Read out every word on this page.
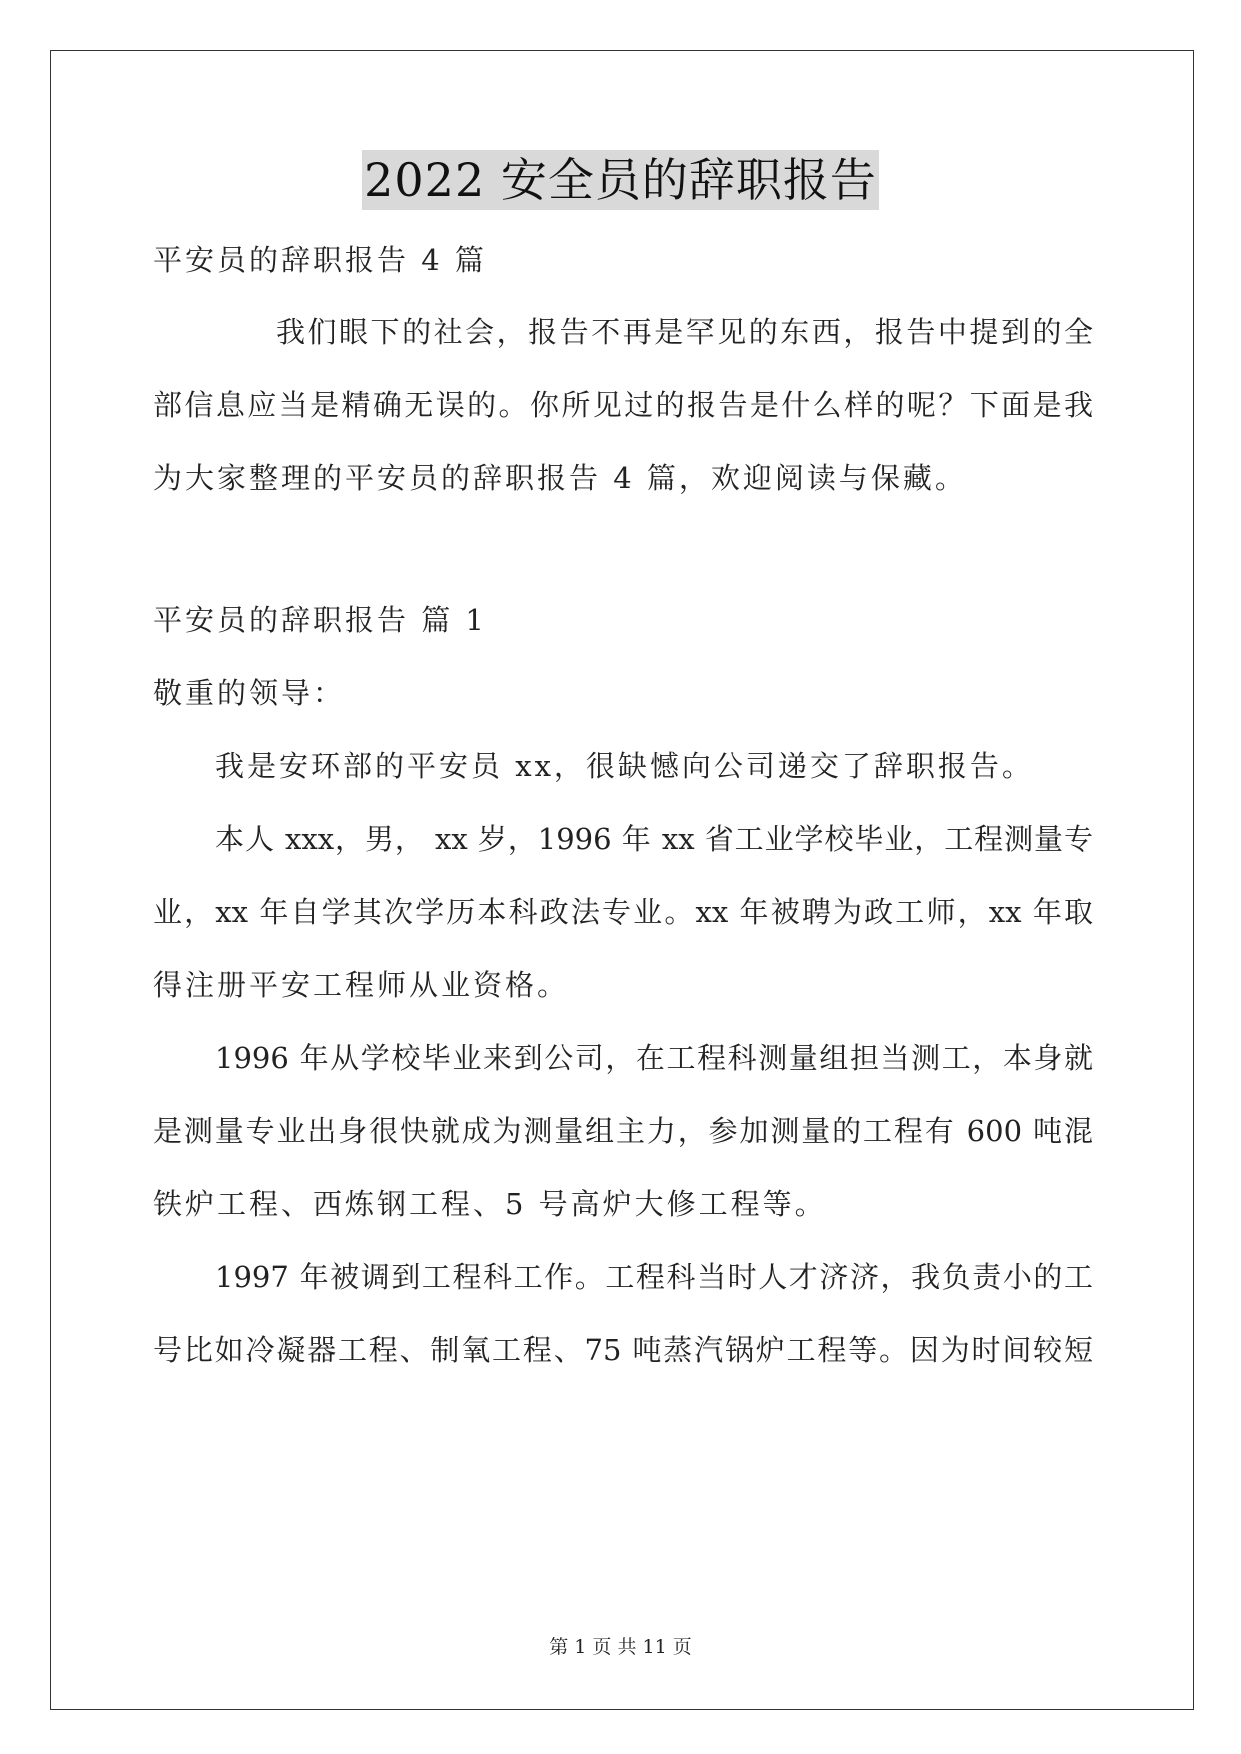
2022 安全员的辞职报告
平安员的辞职报告 4 篇
我们眼下的社会，报告不再是罕见的东西，报告中提到的全
部信息应当是精确无误的。你所见过的报告是什么样的呢？下面是我
为大家整理的平安员的辞职报告 4 篇，欢迎阅读与保藏。
平安员的辞职报告 篇 1
敬重的领导：
我是安环部的平安员 xx，很缺憾向公司递交了辞职报告。
本人 xxx，男， xx 岁，1996 年 xx 省工业学校毕业，工程测量专
业，xx 年自学其次学历本科政法专业。xx 年被聘为政工师，xx 年取
得注册平安工程师从业资格。
1996 年从学校毕业来到公司，在工程科测量组担当测工，本身就
是测量专业出身很快就成为测量组主力，参加测量的工程有 600 吨混
铁炉工程、西炼钢工程、5 号高炉大修工程等。
1997 年被调到工程科工作。工程科当时人才济济，我负责小的工
号比如冷凝器工程、制氧工程、75 吨蒸汽锅炉工程等。因为时间较短
第 1 页 共 11 页
